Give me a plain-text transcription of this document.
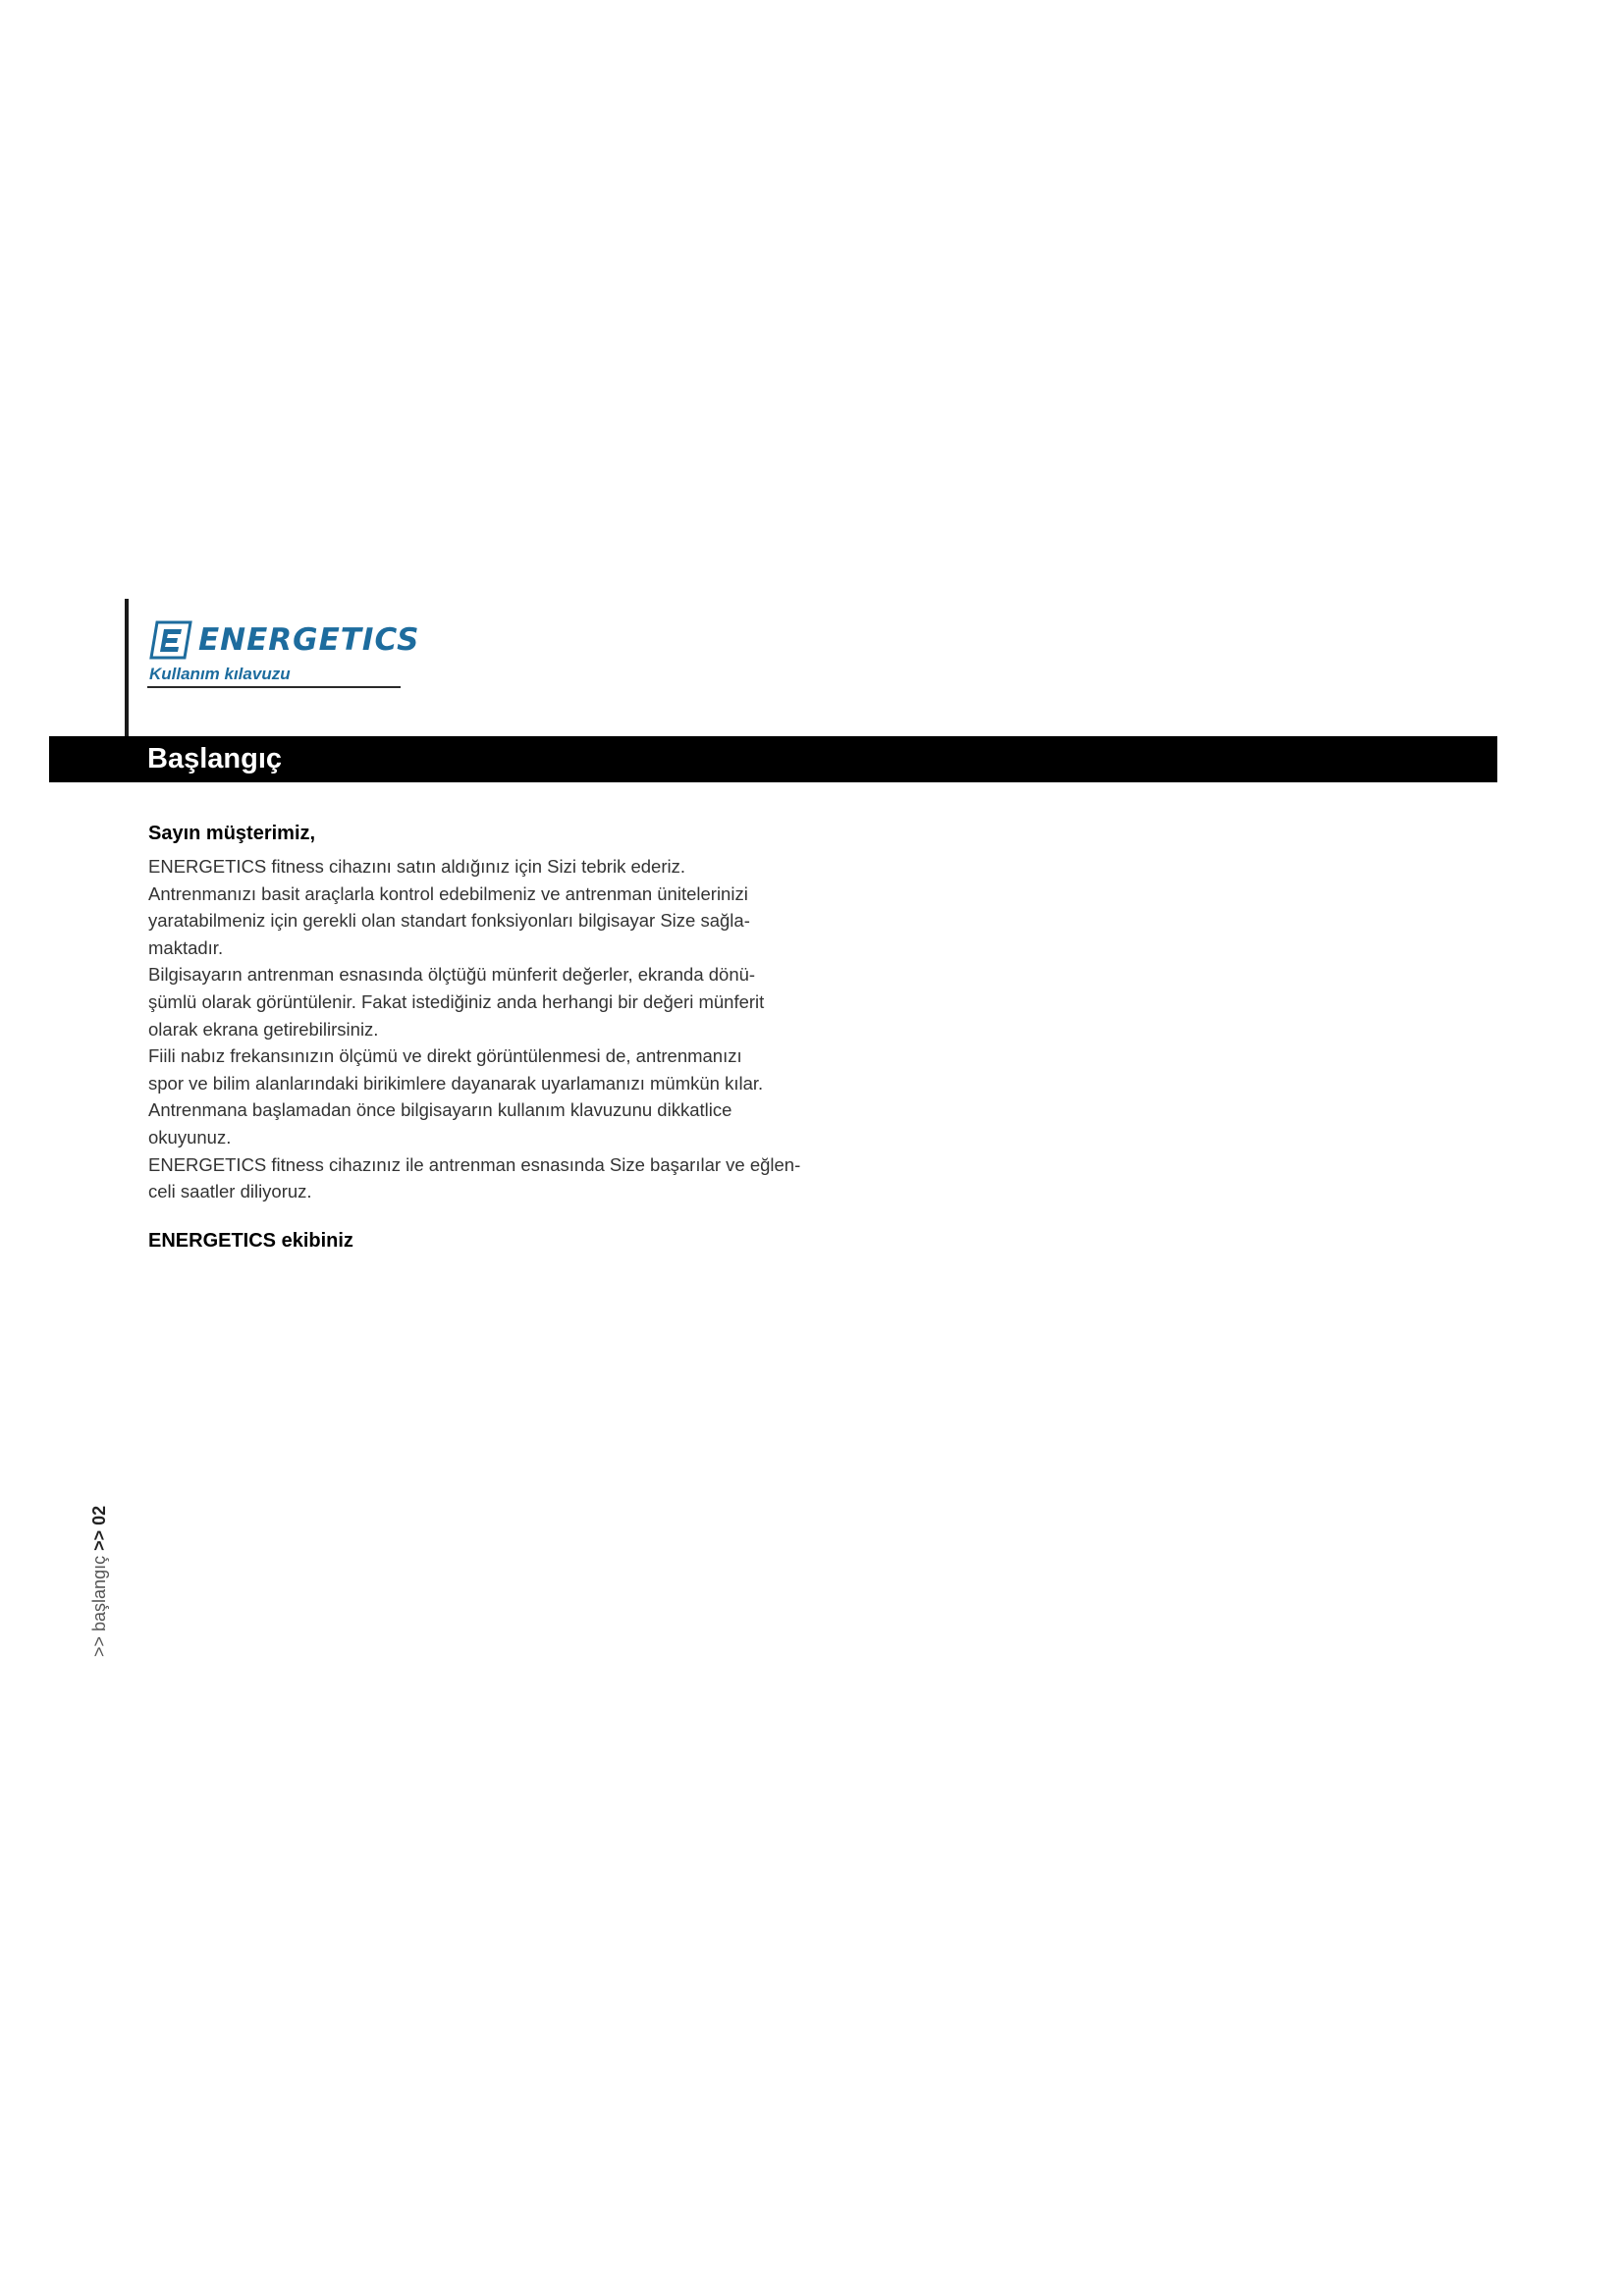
ENERGETICS
Kullanım kılavuzu
Başlangıç

Sayın müşterimiz,

ENERGETICS fitness cihazını satın aldığınız için Sizi tebrik ederiz.
Antrenmanızı basit araçlarla kontrol edebilmeniz ve antrenman ünitelerinizi
yaratabilmeniz için gerekli olan standart fonksiyonları bilgisayar Size sağla-
maktadır.
Bilgisayarın antrenman esnasında ölçtüğü münferit değerler, ekranda dönü-
şümlü olarak görüntülenir. Fakat istediğiniz anda herhangi bir değeri münferit
olarak ekrana getirebilirsiniz.
Fiili nabız frekansınızın ölçümü ve direkt görüntülenmesi de, antrenmanızı
spor ve bilim alanlarındaki birikimlere dayanarak uyarlamanızı mümkün kılar.
Antrenmana başlamadan önce bilgisayarın kullanım klavuzunu dikkatlice
okuyunuz.
ENERGETICS fitness cihazınız ile antrenman esnasında Size başarılar ve eğlen-
celi saatler diliyoruz.

ENERGETICS ekibiniz

>> başlangıç >> 02
